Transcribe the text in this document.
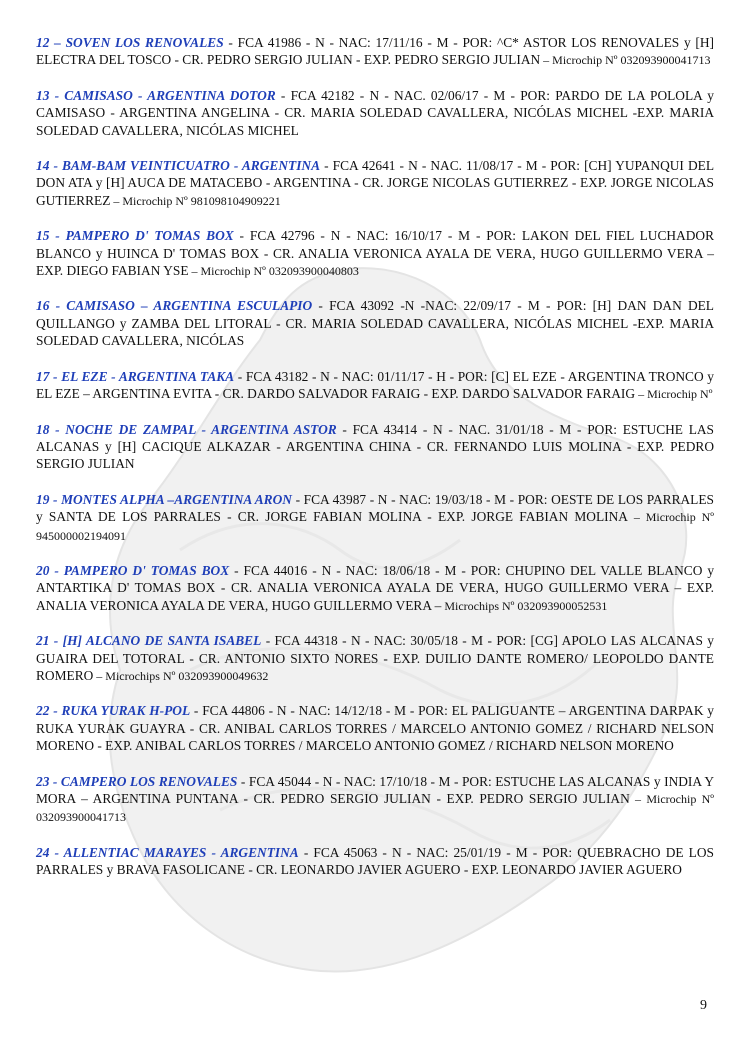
12 – SOVEN LOS RENOVALES - FCA 41986 - N - NAC: 17/11/16 - M - POR: ^C* ASTOR LOS RENOVALES y [H] ELECTRA DEL TOSCO - CR. PEDRO SERGIO JULIAN - EXP. PEDRO SERGIO JULIAN – Microchip Nº 032093900041713

13 - CAMISASO - ARGENTINA DOTOR - FCA 42182 - N - NAC. 02/06/17 - M - POR: PARDO DE LA POLOLA y CAMISASO - ARGENTINA ANGELINA - CR. MARIA SOLEDAD CAVALLERA, NICÓLAS MICHEL -EXP. MARIA SOLEDAD CAVALLERA, NICÓLAS MICHEL

14 - BAM-BAM VEINTICUATRO - ARGENTINA - FCA 42641 - N - NAC. 11/08/17 - M - POR: [CH] YUPANQUI DEL DON ATA y [H] AUCA DE MATACEBO - ARGENTINA - CR. JORGE NICOLAS GUTIERREZ - EXP. JORGE NICOLAS GUTIERREZ – Microchip Nº 981098104909221

15 - PAMPERO D' TOMAS BOX - FCA 42796 - N - NAC: 16/10/17 - M - POR: LAKON DEL FIEL LUCHADOR BLANCO y HUINCA D' TOMAS BOX - CR. ANALIA VERONICA AYALA DE VERA, HUGO GUILLERMO VERA – EXP. DIEGO FABIAN YSE – Microchip Nº 032093900040803

16 - CAMISASO – ARGENTINA ESCULAPIO - FCA 43092 -N -NAC: 22/09/17 - M - POR: [H] DAN DAN DEL QUILLANGO y ZAMBA DEL LITORAL - CR. MARIA SOLEDAD CAVALLERA, NICÓLAS MICHEL -EXP. MARIA SOLEDAD CAVALLERA, NICÓLAS

17 - EL EZE - ARGENTINA TAKA - FCA 43182 - N - NAC: 01/11/17 - H - POR: [C] EL EZE - ARGENTINA TRONCO y EL EZE – ARGENTINA EVITA - CR. DARDO SALVADOR FARAIG - EXP. DARDO SALVADOR FARAIG – Microchip Nº

18 - NOCHE DE ZAMPAL - ARGENTINA ASTOR - FCA 43414 - N - NAC. 31/01/18 - M - POR: ESTUCHE LAS ALCANAS y [H] CACIQUE ALKAZAR - ARGENTINA CHINA - CR. FERNANDO LUIS MOLINA - EXP. PEDRO SERGIO JULIAN

19 - MONTES ALPHA –ARGENTINA ARON - FCA 43987 - N - NAC: 19/03/18 - M - POR: OESTE DE LOS PARRALES y SANTA DE LOS PARRALES - CR. JORGE FABIAN MOLINA - EXP. JORGE FABIAN MOLINA – Microchip Nº 945000002194091

20 - PAMPERO D' TOMAS BOX - FCA 44016 - N - NAC: 18/06/18 - M - POR: CHUPINO DEL VALLE BLANCO y ANTARTIKA D' TOMAS BOX - CR. ANALIA VERONICA AYALA DE VERA, HUGO GUILLERMO VERA – EXP. ANALIA VERONICA AYALA DE VERA, HUGO GUILLERMO VERA – Microchips Nº 032093900052531

21 - [H] ALCANO DE SANTA ISABEL - FCA 44318 - N - NAC: 30/05/18 - M - POR: [CG] APOLO LAS ALCANAS y GUAIRA DEL TOTORAL - CR. ANTONIO SIXTO NORES - EXP. DUILIO DANTE ROMERO/ LEOPOLDO DANTE ROMERO – Microchips Nº 032093900049632

22 - RUKA YURAK H-POL - FCA 44806 - N - NAC: 14/12/18 - M - POR: EL PALIGUANTE – ARGENTINA DARPAK y RUKA YURAK GUAYRA - CR. ANIBAL CARLOS TORRES / MARCELO ANTONIO GOMEZ / RICHARD NELSON MORENO - EXP. ANIBAL CARLOS TORRES / MARCELO ANTONIO GOMEZ / RICHARD NELSON MORENO

23 - CAMPERO LOS RENOVALES - FCA 45044 - N - NAC: 17/10/18 - M - POR: ESTUCHE LAS ALCANAS y INDIA Y MORA – ARGENTINA PUNTANA - CR. PEDRO SERGIO JULIAN - EXP. PEDRO SERGIO JULIAN – Microchip Nº 032093900041713

24 - ALLENTIAC MARAYES - ARGENTINA - FCA 45063 - N - NAC: 25/01/19 - M - POR: QUEBRACHO DE LOS PARRALES y BRAVA FASOLICANE - CR. LEONARDO JAVIER AGUERO - EXP. LEONARDO JAVIER AGUERO

9
